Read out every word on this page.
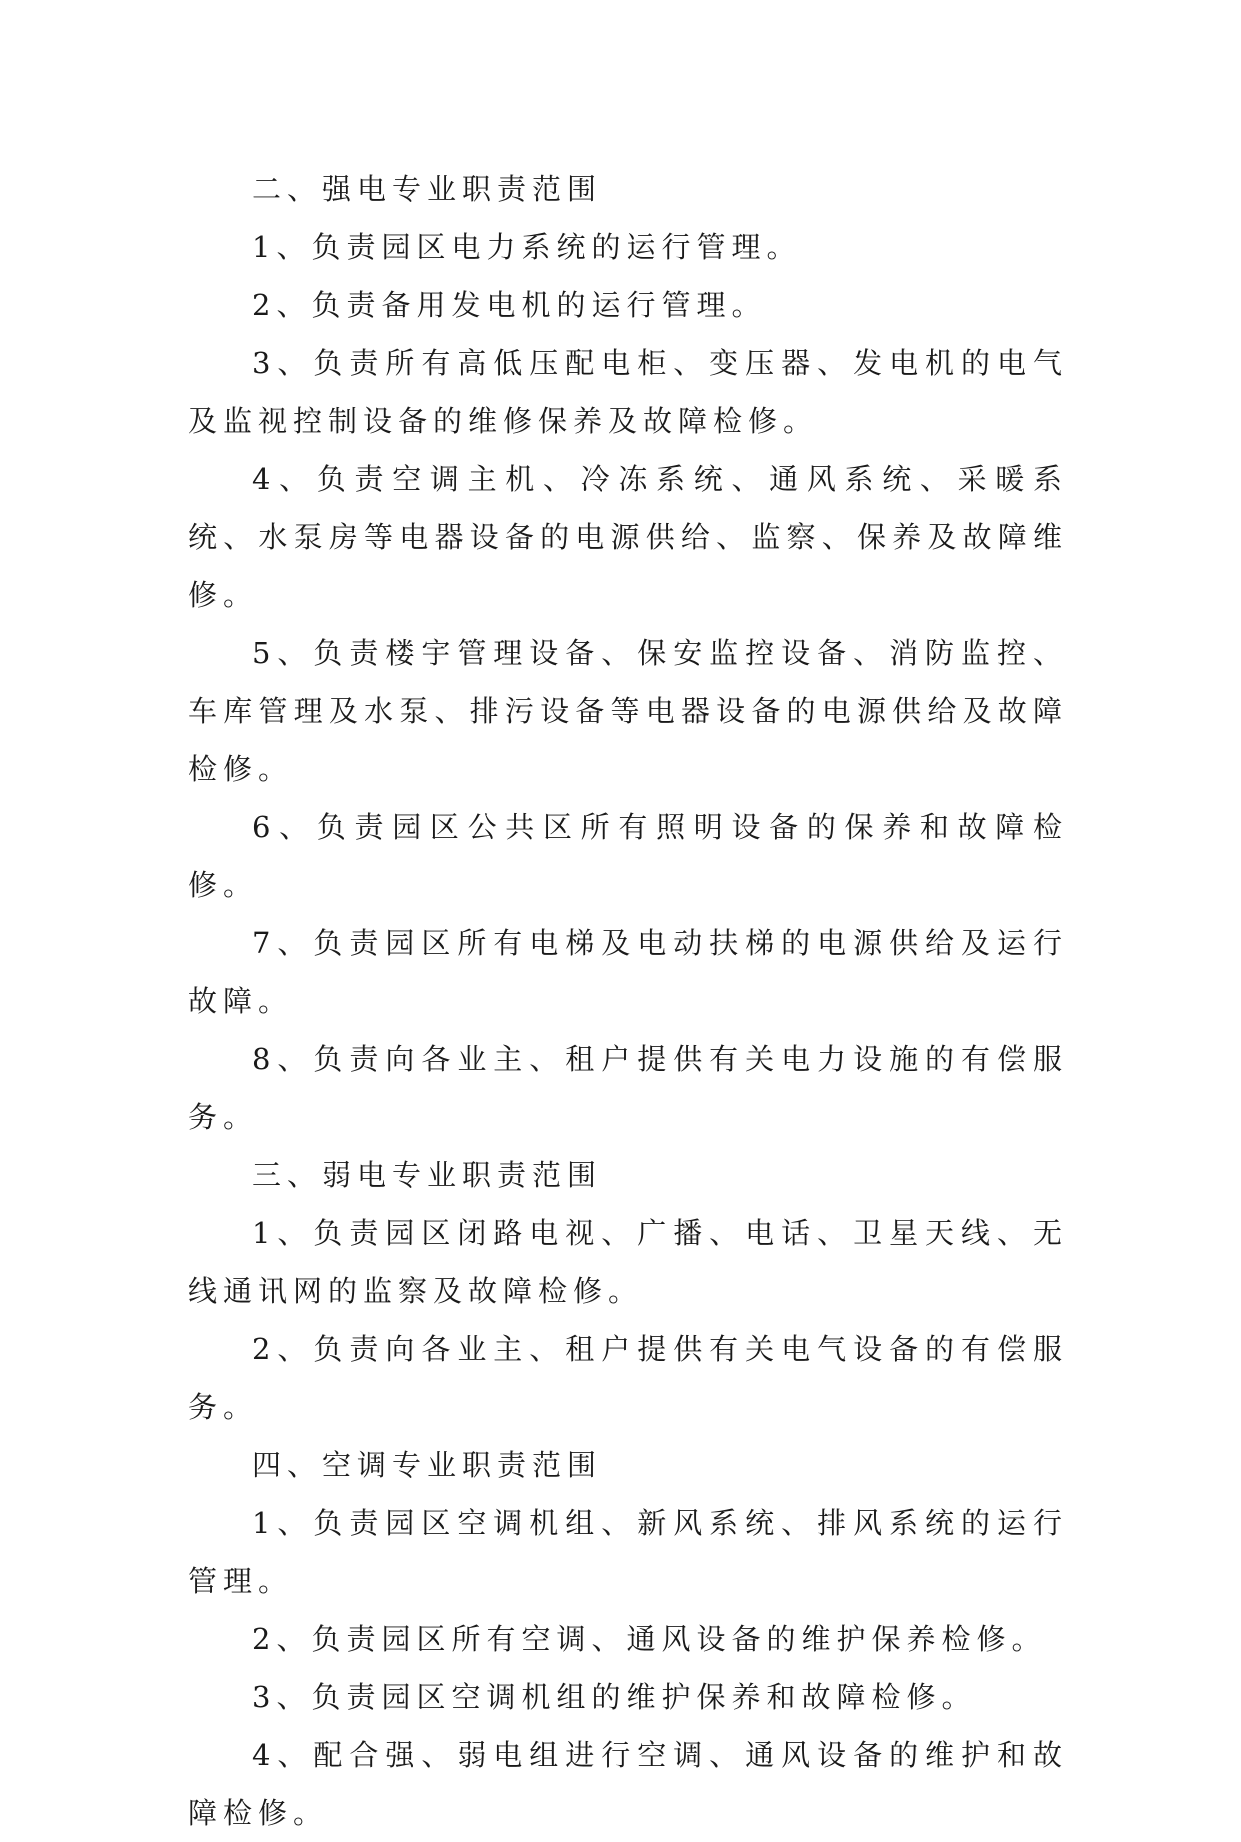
二、强电专业职责范围

1、负责园区电力系统的运行管理。

2、负责备用发电机的运行管理。

3、负责所有高低压配电柜、变压器、发电机的电气及监视控制设备的维修保养及故障检修。

4、负责空调主机、冷冻系统、通风系统、采暖系统、水泵房等电器设备的电源供给、监察、保养及故障维修。

5、负责楼宇管理设备、保安监控设备、消防监控、车库管理及水泵、排污设备等电器设备的电源供给及故障检修。

6、负责园区公共区所有照明设备的保养和故障检修。

7、负责园区所有电梯及电动扶梯的电源供给及运行故障。

8、负责向各业主、租户提供有关电力设施的有偿服务。

三、弱电专业职责范围

1、负责园区闭路电视、广播、电话、卫星天线、无线通讯网的监察及故障检修。

2、负责向各业主、租户提供有关电气设备的有偿服务。

四、空调专业职责范围

1、负责园区空调机组、新风系统、排风系统的运行管理。

2、负责园区所有空调、通风设备的维护保养检修。

3、负责园区空调机组的维护保养和故障检修。

4、配合强、弱电组进行空调、通风设备的维护和故障检修。
